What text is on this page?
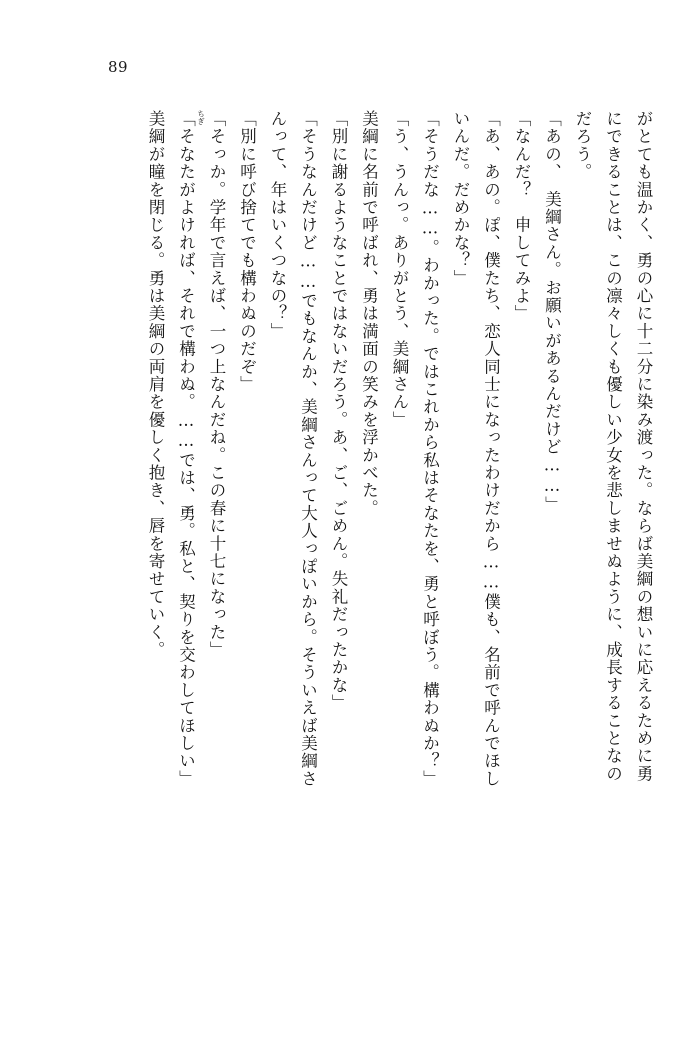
89
がとても温かく、勇の心に十二分に染み渡った。ならば美綱の想いに応えるために勇
にできることは、この凛々しくも優しい少女を悲しませぬように、成長することなの
だろう。
「あの、　美綱さん。お願いがあるんだけど……」
「なんだ？　申してみよ」
「あ、あの。ぽ、僕たち、恋人同士になったわけだから……僕も、名前で呼んでほし
いんだ。だめかな？」
「そうだな……。わかった。ではこれから私はそなたを、勇と呼ぼう。構わぬか？」
「う、うんっ。ありがとう、美綱さん」
美綱に名前で呼ばれ、勇は満面の笑みを浮かべた。
「別に謝るようなことではないだろう。あ、ご、ごめん。失礼だったかな」
「そうなんだけど……でもなんか、美綱さんって大人っぽいから。そういえば美綱さ
んって、年はいくつなの？」
「別に呼び捨てでも構わぬのだぞ」
「そっか。学年で言えば、一つ上なんだね。この春に十七になった」
「そなたがよければ、それで構わぬ。……では、勇。私と、契りを交わしてほしい」 ちぎ
美綱が瞳を閉じる。勇は美綱の両肩を優しく抱き、唇を寄せていく。
